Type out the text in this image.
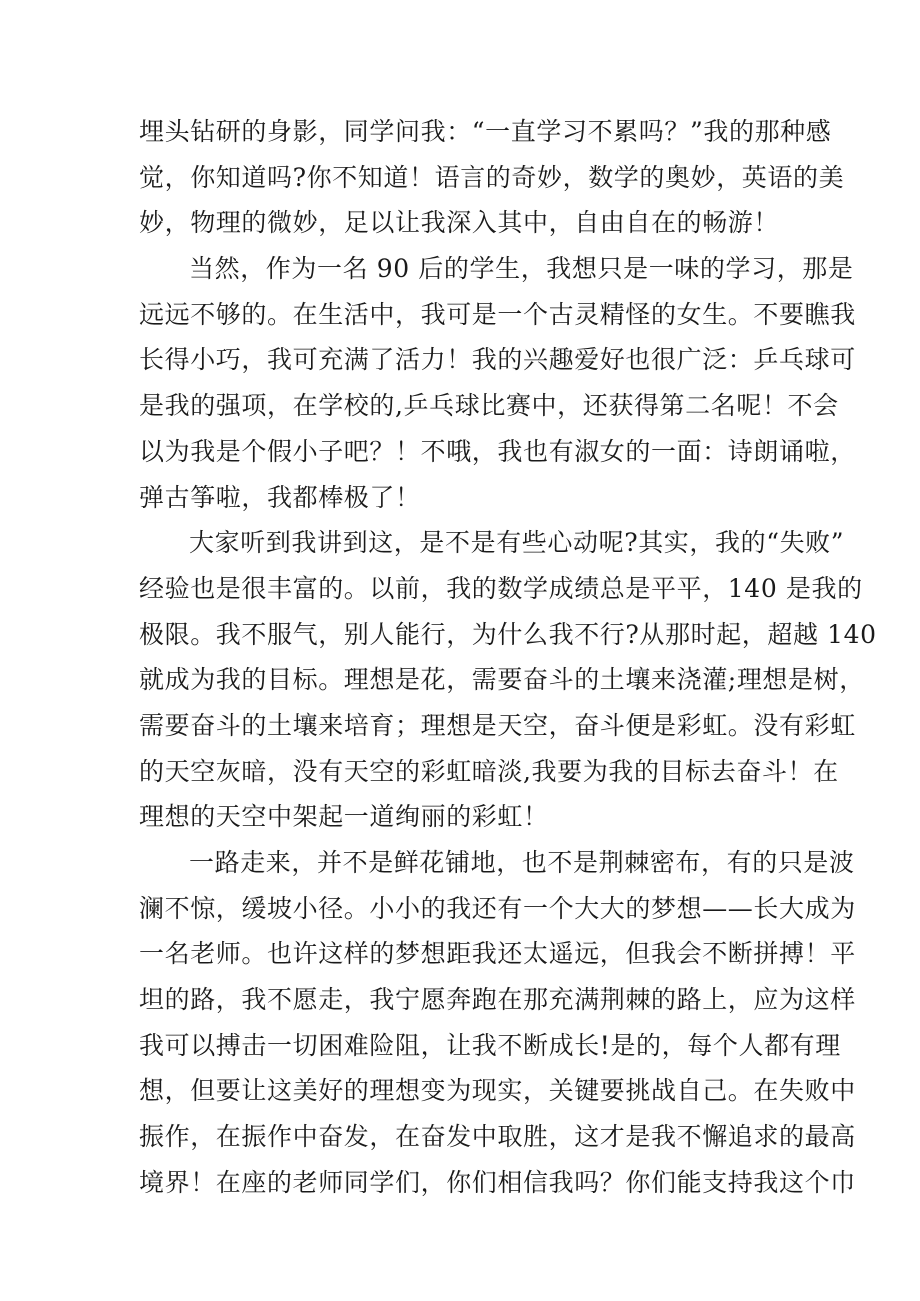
埋头钻研的身影，同学问我：“一直学习不累吗？”我的那种感
觉，你知道吗?你不知道！语言的奇妙，数学的奥妙，英语的美
妙，物理的微妙，足以让我深入其中，自由自在的畅游！
当然，作为一名 90 后的学生，我想只是一味的学习，那是
远远不够的。在生活中，我可是一个古灵精怪的女生。不要瞧我
长得小巧，我可充满了活力！我的兴趣爱好也很广泛：乒乓球可
是我的强项，在学校的,乒乓球比赛中，还获得第二名呢！不会
以为我是个假小子吧？！不哦，我也有淑女的一面：诗朗诵啦，
弹古筝啦，我都棒极了！
大家听到我讲到这，是不是有些心动呢?其实，我的“失败”
经验也是很丰富的。以前，我的数学成绩总是平平，140 是我的
极限。我不服气，别人能行，为什么我不行?从那时起，超越 140
就成为我的目标。理想是花，需要奋斗的土壤来浇灌;理想是树，
需要奋斗的土壤来培育；理想是天空，奋斗便是彩虹。没有彩虹
的天空灰暗，没有天空的彩虹暗淡,我要为我的目标去奋斗！在
理想的天空中架起一道绚丽的彩虹！
一路走来，并不是鲜花铺地，也不是荆棘密布，有的只是波
澜不惊，缓坡小径。小小的我还有一个大大的梦想——长大成为
一名老师。也许这样的梦想距我还太遥远，但我会不断拼搏！平
坦的路，我不愿走，我宁愿奔跑在那充满荆棘的路上，应为这样
我可以搏击一切困难险阻，让我不断成长!是的，每个人都有理
想，但要让这美好的理想变为现实，关键要挑战自己。在失败中
振作，在振作中奋发，在奋发中取胜，这才是我不懈追求的最高
境界！在座的老师同学们，你们相信我吗？你们能支持我这个巾
